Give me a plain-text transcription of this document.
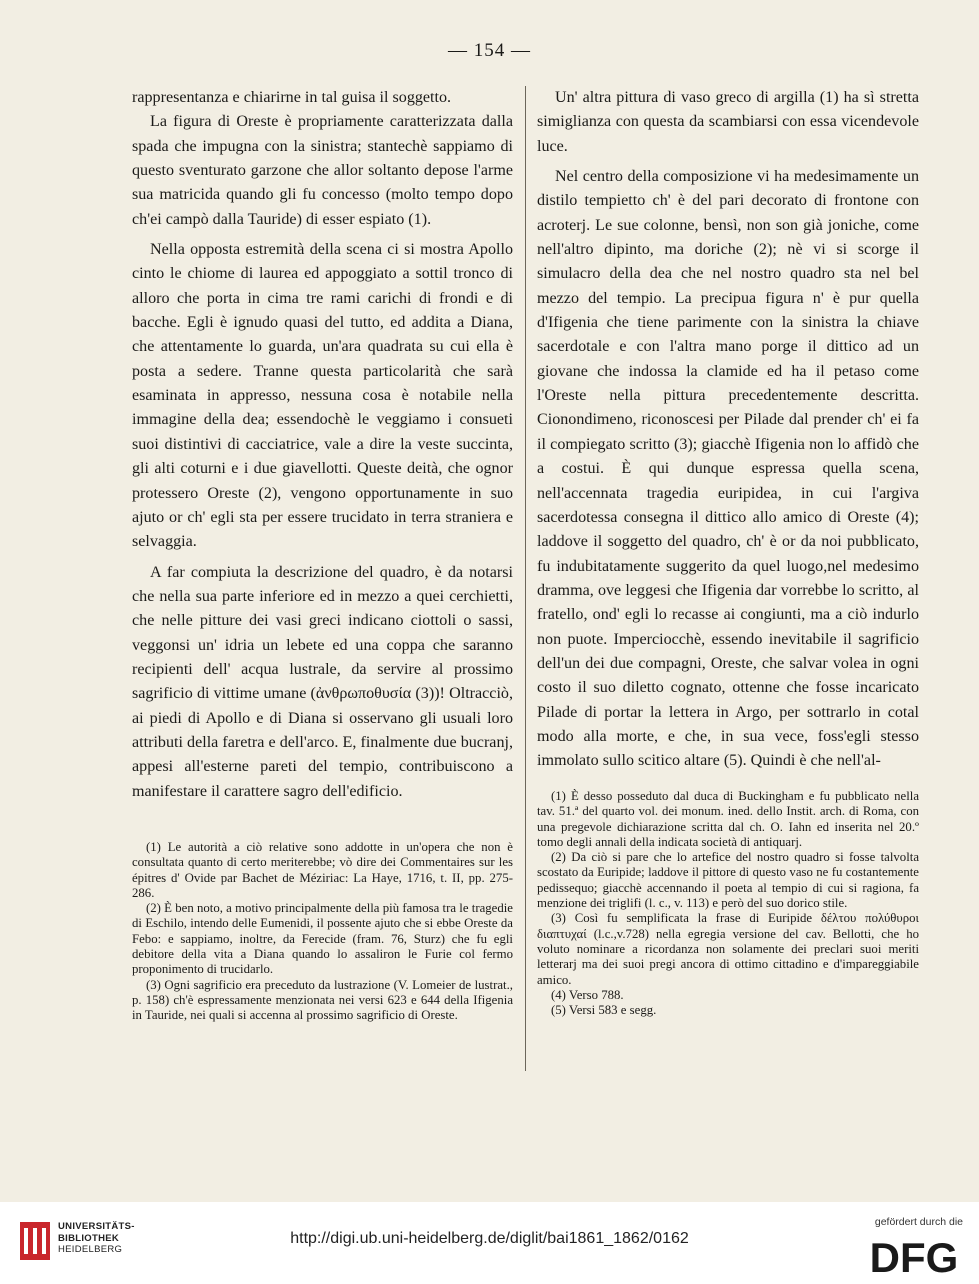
— 154 —

rappresentanza e chiarirne in tal guisa il soggetto.

La figura di Oreste è propriamente caratterizzata dalla spada che impugna con la sinistra; stantechè sappiamo di questo sventurato garzone che allor soltanto depose l'arme sua matricida quando gli fu concesso (molto tempo dopo ch'ei campò dalla Tauride) di esser espiato (1).

Nella opposta estremità della scena ci si mostra Apollo cinto le chiome di laurea ed appoggiato a sottil tronco di alloro che porta in cima tre rami carichi di frondi e di bacche. Egli è ignudo quasi del tutto, ed addita a Diana, che attentamente lo guarda, un'ara quadrata su cui ella è posta a sedere. Tranne questa particolarità che sarà esaminata in appresso, nessuna cosa è notabile nella immagine della dea; essendochè le veggiamo i consueti suoi distintivi di cacciatrice, vale a dire la veste succinta, gli alti coturni e i due giavellotti. Queste deità, che ognor protessero Oreste (2), vengono opportunamente in suo ajuto or ch' egli sta per essere trucidato in terra straniera e selvaggia.

A far compiuta la descrizione del quadro, è da notarsi che nella sua parte inferiore ed in mezzo a quei cerchietti, che nelle pitture dei vasi greci indicano ciottoli o sassi, veggonsi un' idria un lebete ed una coppa che saranno recipienti dell' acqua lustrale, da servire al prossimo sagrificio di vittime umane (ἀνθρωποθυσία (3))! Oltracciò, ai piedi di Apollo e di Diana si osservano gli usuali loro attributi della faretra e dell'arco. E, finalmente due bucranj, appesi all'esterne pareti del tempio, contribuiscono a manifestare il carattere sagro dell'edificio.

Un' altra pittura di vaso greco di argilla (1) ha sì stretta simiglianza con questa da scambiarsi con essa vicendevole luce.

Nel centro della composizione vi ha medesimamente un distilo tempietto ch' è del pari decorato di frontone con acroterj. Le sue colonne, bensì, non son già joniche, come nell'altro dipinto, ma doriche (2); nè vi si scorge il simulacro della dea che nel nostro quadro sta nel bel mezzo del tempio. La precipua figura n' è pur quella d'Ifigenia che tiene parimente con la sinistra la chiave sacerdotale e con l'altra mano porge il dittico ad un giovane che indossa la clamide ed ha il petaso come l'Oreste nella pittura precedentemente descritta. Cionondimeno, riconoscesi per Pilade dal prender ch' ei fa il compiegato scritto (3); giacchè Ifigenia non lo affidò che a costui. È qui dunque espressa quella scena, nell'accennata tragedia euripidea, in cui l'argiva sacerdotessa consegna il dittico allo amico di Oreste (4); laddove il soggetto del quadro, ch' è or da noi pubblicato, fu indubitatamente suggerito da quel luogo,nel medesimo dramma, ove leggesi che Ifigenia dar vorrebbe lo scritto, al fratello, ond' egli lo recasse ai congiunti, ma a ciò indurlo non puote. Imperciocchè, essendo inevitabile il sagrificio dell'un dei due compagni, Oreste, che salvar volea in ogni costo il suo diletto cognato, ottenne che fosse incaricato Pilade di portar la lettera in Argo, per sottrarlo in cotal modo alla morte, e che, in sua vece, foss'egli stesso immolato sullo scitico altare (5). Quindi è che nell'al-

(1) Le autorità a ciò relative sono addotte in un'opera che non è consultata quanto di certo meriterebbe; vò dire dei Commentaires sur les épitres d' Ovide par Bachet de Méziriac: La Haye, 1716, t. II, pp. 275-286.

(2) È ben noto, a motivo principalmente della più famosa tra le tragedie di Eschilo, intendo delle Eumenidi, il possente ajuto che si ebbe Oreste da Febo: e sappiamo, inoltre, da Ferecide (fram. 76, Sturz) che fu egli debitore della vita a Diana quando lo assaliron le Furie col fermo proponimento di trucidarlo.

(3) Ogni sagrificio era preceduto da lustrazione (V. Lomeier de lustrat., p. 158) ch'è espressamente menzionata nei versi 623 e 644 della Ifigenia in Tauride, nei quali si accenna al prossimo sagrificio di Oreste.

(1) È desso posseduto dal duca di Buckingham e fu pubblicato nella tav. 51.ª del quarto vol. dei monum. ined. dello Instit. arch. di Roma, con una pregevole dichiarazione scritta dal ch. O. Iahn ed inserita nel 20.º tomo degli annali della indicata società di antiquarj.

(2) Da ciò si pare che lo artefice del nostro quadro si fosse talvolta scostato da Euripide; laddove il pittore di questo vaso ne fu costantemente pedissequo; giacchè accennando il poeta al tempio di cui si ragiona, fa menzione dei triglifi (l. c., v. 113) e però del suo dorico stile.

(3) Così fu semplificata la frase di Euripide δέλτου πολύθυροι διαπτυχαί (l.c.,v.728) nella egregia versione del cav. Bellotti, che ho voluto nominare a ricordanza non solamente dei preclari suoi meriti letterarj ma dei suoi pregi ancora di ottimo cittadino e d'impareggiabile amico.

(4) Verso 788.

(5) Versi 583 e segg.

UNIVERSITÄTS-
BIBLIOTHEK
HEIDELBERG
http://digi.ub.uni-heidelberg.de/diglit/bai1861_1862/0162
gefördert durch die
DFG
